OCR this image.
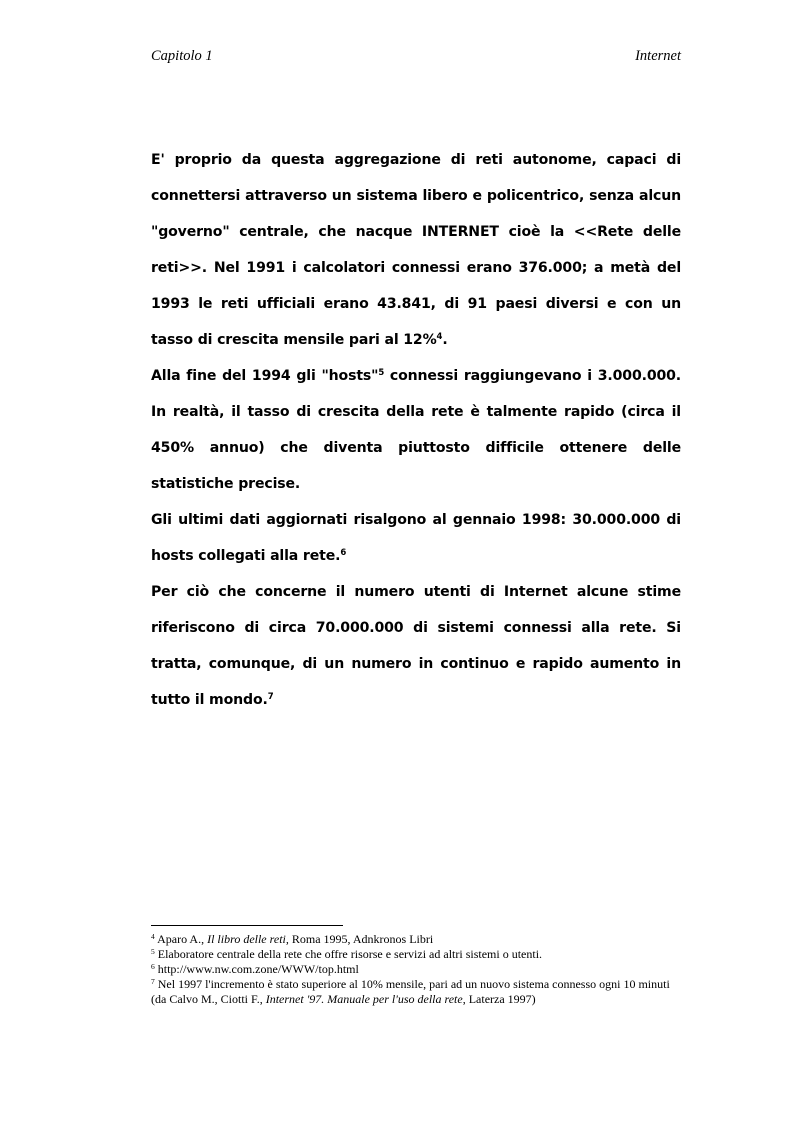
Capitolo 1	Internet

E' proprio da questa aggregazione di reti autonome, capaci di connettersi attraverso un sistema libero e policentrico, senza alcun "governo" centrale, che nacque INTERNET cioè la <<Rete delle reti>>. Nel 1991 i calcolatori connessi erano 376.000; a metà del 1993 le reti ufficiali erano 43.841, di 91 paesi diversi e con un tasso di crescita mensile pari al 12%$^4$.

Alla fine del 1994 gli "hosts"$^5$ connessi raggiungevano i 3.000.000. In realtà, il tasso di crescita della rete è talmente rapido (circa il 450% annuo) che diventa piuttosto difficile ottenere delle statistiche precise.

Gli ultimi dati aggiornati risalgono al gennaio 1998: 30.000.000 di hosts collegati alla rete.$^6$

Per ciò che concerne il numero utenti di Internet alcune stime riferiscono di circa 70.000.000 di sistemi connessi alla rete. Si tratta, comunque, di un numero in continuo e rapido aumento in tutto il mondo.$^7$

$^4$ Aparo A., Il libro delle reti, Roma 1995, Adnkronos Libri

$^5$ Elaboratore centrale della rete che offre risorse e servizi ad altri sistemi o utenti.

$^6$ http://www.nw.com.zone/WWW/top.html

$^7$ Nel 1997 l'incremento è stato superiore al 10% mensile, pari ad un nuovo sistema connesso ogni 10 minuti (da Calvo M., Ciotti F., Internet '97. Manuale per l'uso della rete, Laterza 1997)
